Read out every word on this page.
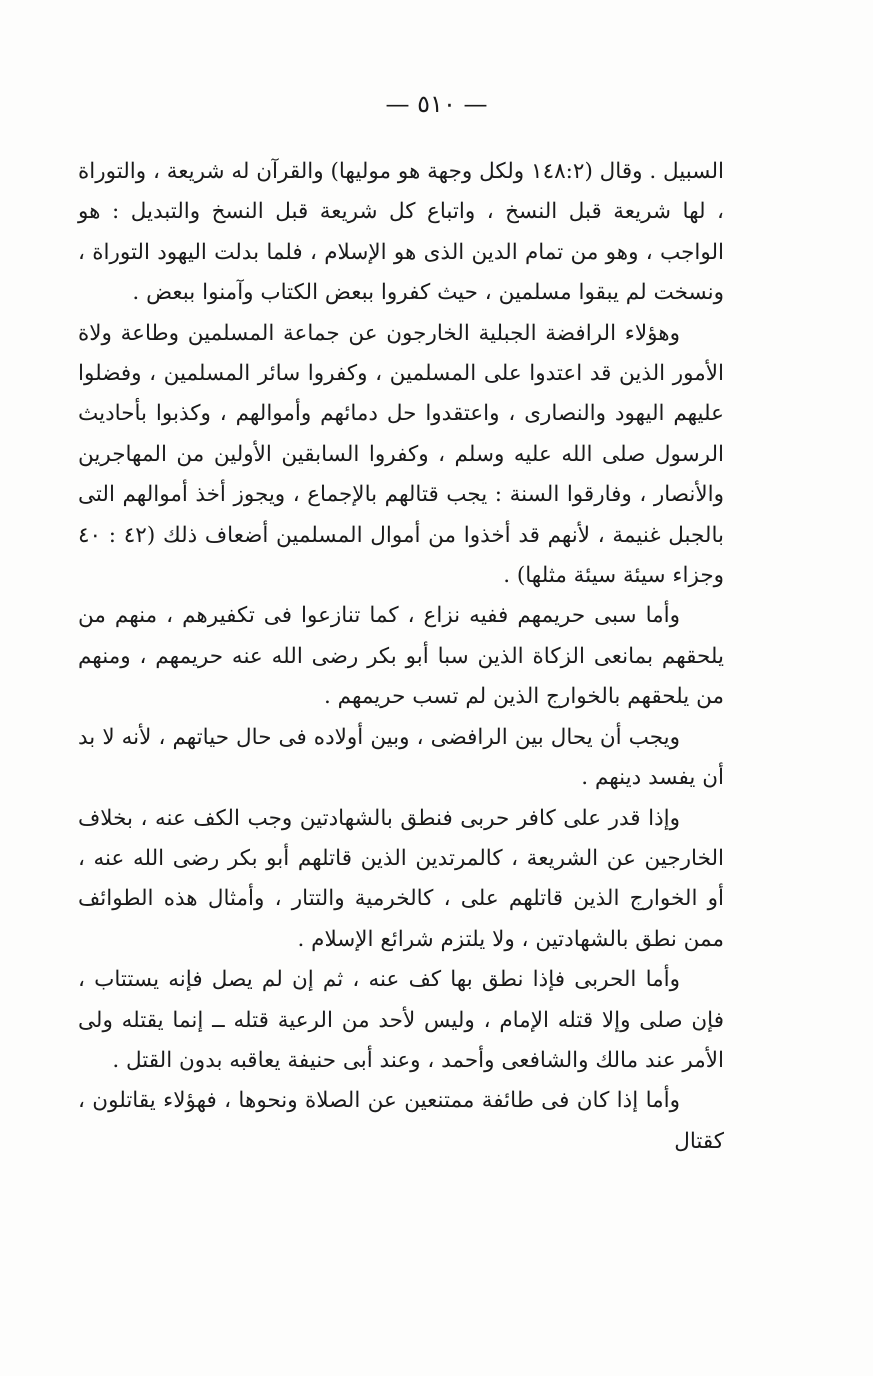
— ٥١٠ —

السبيل . وقال (١٤٨:٢ ولكل وجهة هو موليها) والقرآن له شريعة ، والتوراة ، لها شريعة قبل النسخ ، واتباع كل شريعة قبل النسخ والتبديل : هو الواجب ، وهو من تمام الدين الذى هو الإسلام ، فلما بدلت اليهود التوراة ، ونسخت لم يبقوا مسلمين ، حيث كفروا ببعض الكتاب وآمنوا ببعض .

وهؤلاء الرافضة الجبلية الخارجون عن جماعة المسلمين وطاعة ولاة الأمور الذين قد اعتدوا على المسلمين ، وكفروا سائر المسلمين ، وفضلوا عليهم اليهود والنصارى ، واعتقدوا حل دمائهم وأموالهم ، وكذبوا بأحاديث الرسول صلى الله عليه وسلم ، وكفروا السابقين الأولين من المهاجرين والأنصار ، وفارقوا السنة : يجب قتالهم بالإجماع ، ويجوز أخذ أموالهم التى بالجبل غنيمة ، لأنهم قد أخذوا من أموال المسلمين أضعاف ذلك (٤٢ : ٤٠ وجزاء سيئة سيئة مثلها) .

وأما سبى حريمهم ففيه نزاع ، كما تنازعوا فى تكفيرهم ، منهم من يلحقهم بمانعى الزكاة الذين سبا أبو بكر رضى الله عنه حريمهم ، ومنهم من يلحقهم بالخوارج الذين لم تسب حريمهم .

ويجب أن يحال بين الرافضى ، وبين أولاده فى حال حياتهم ، لأنه لا بد أن يفسد دينهم .

وإذا قدر على كافر حربى فنطق بالشهادتين وجب الكف عنه ، بخلاف الخارجين عن الشريعة ، كالمرتدين الذين قاتلهم أبو بكر رضى الله عنه ، أو الخوارج الذين قاتلهم على ، كالخرمية والتتار ، وأمثال هذه الطوائف ممن نطق بالشهادتين ، ولا يلتزم شرائع الإسلام .

وأما الحربى فإذا نطق بها كف عنه ، ثم إن لم يصل فإنه يستتاب ، فإن صلى وإلا قتله الإمام ، وليس لأحد من الرعية قتله ــ إنما يقتله ولى الأمر عند مالك والشافعى وأحمد ، وعند أبى حنيفة يعاقبه بدون القتل .

وأما إذا كان فى طائفة ممتنعين عن الصلاة ونحوها ، فهؤلاء يقاتلون ، كقتال
